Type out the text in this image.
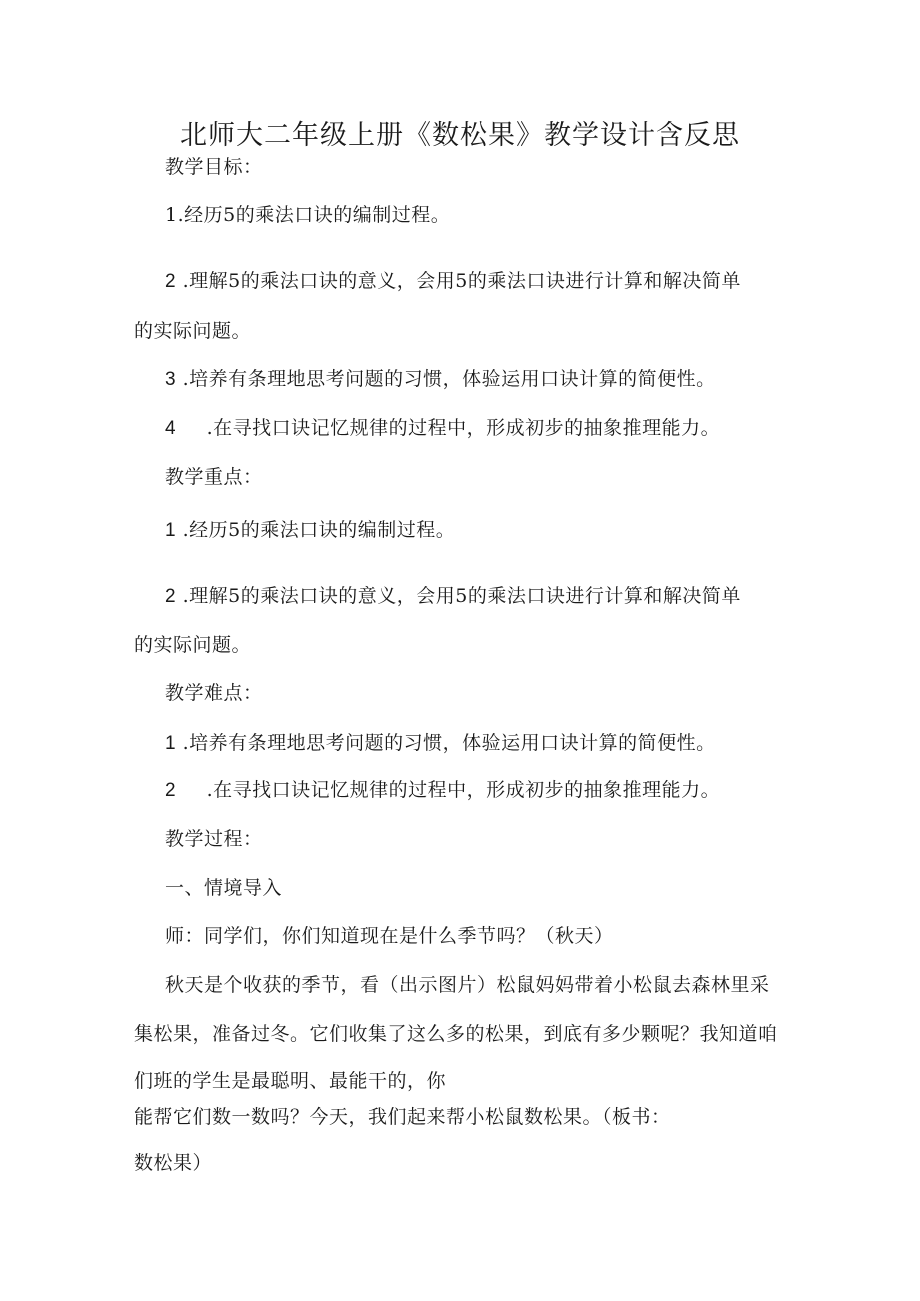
北师大二年级上册《数松果》教学设计含反思
教学目标：
1.经历5的乘法口诀的编制过程。
2 .理解5的乘法口诀的意义，会用5的乘法口诀进行计算和解决简单
的实际问题。
3 .培养有条理地思考问题的习惯，体验运用口诀计算的简便性。
4 .在寻找口诀记忆规律的过程中，形成初步的抽象推理能力。
教学重点：
1 .经历5的乘法口诀的编制过程。
2 .理解5的乘法口诀的意义，会用5的乘法口诀进行计算和解决简单
的实际问题。
教学难点：
1 .培养有条理地思考问题的习惯，体验运用口诀计算的简便性。
2 .在寻找口诀记忆规律的过程中，形成初步的抽象推理能力。
教学过程：
一、情境导入
师：同学们，你们知道现在是什么季节吗？（秋天）
秋天是个收获的季节，看（出示图片）松鼠妈妈带着小松鼠去森林里采
集松果，准备过冬。它们收集了这么多的松果，到底有多少颗呢？我知道咱
们班的学生是最聪明、最能干的，你
能帮它们数一数吗？今天，我们起来帮小松鼠数松果。（板书：
数松果）
